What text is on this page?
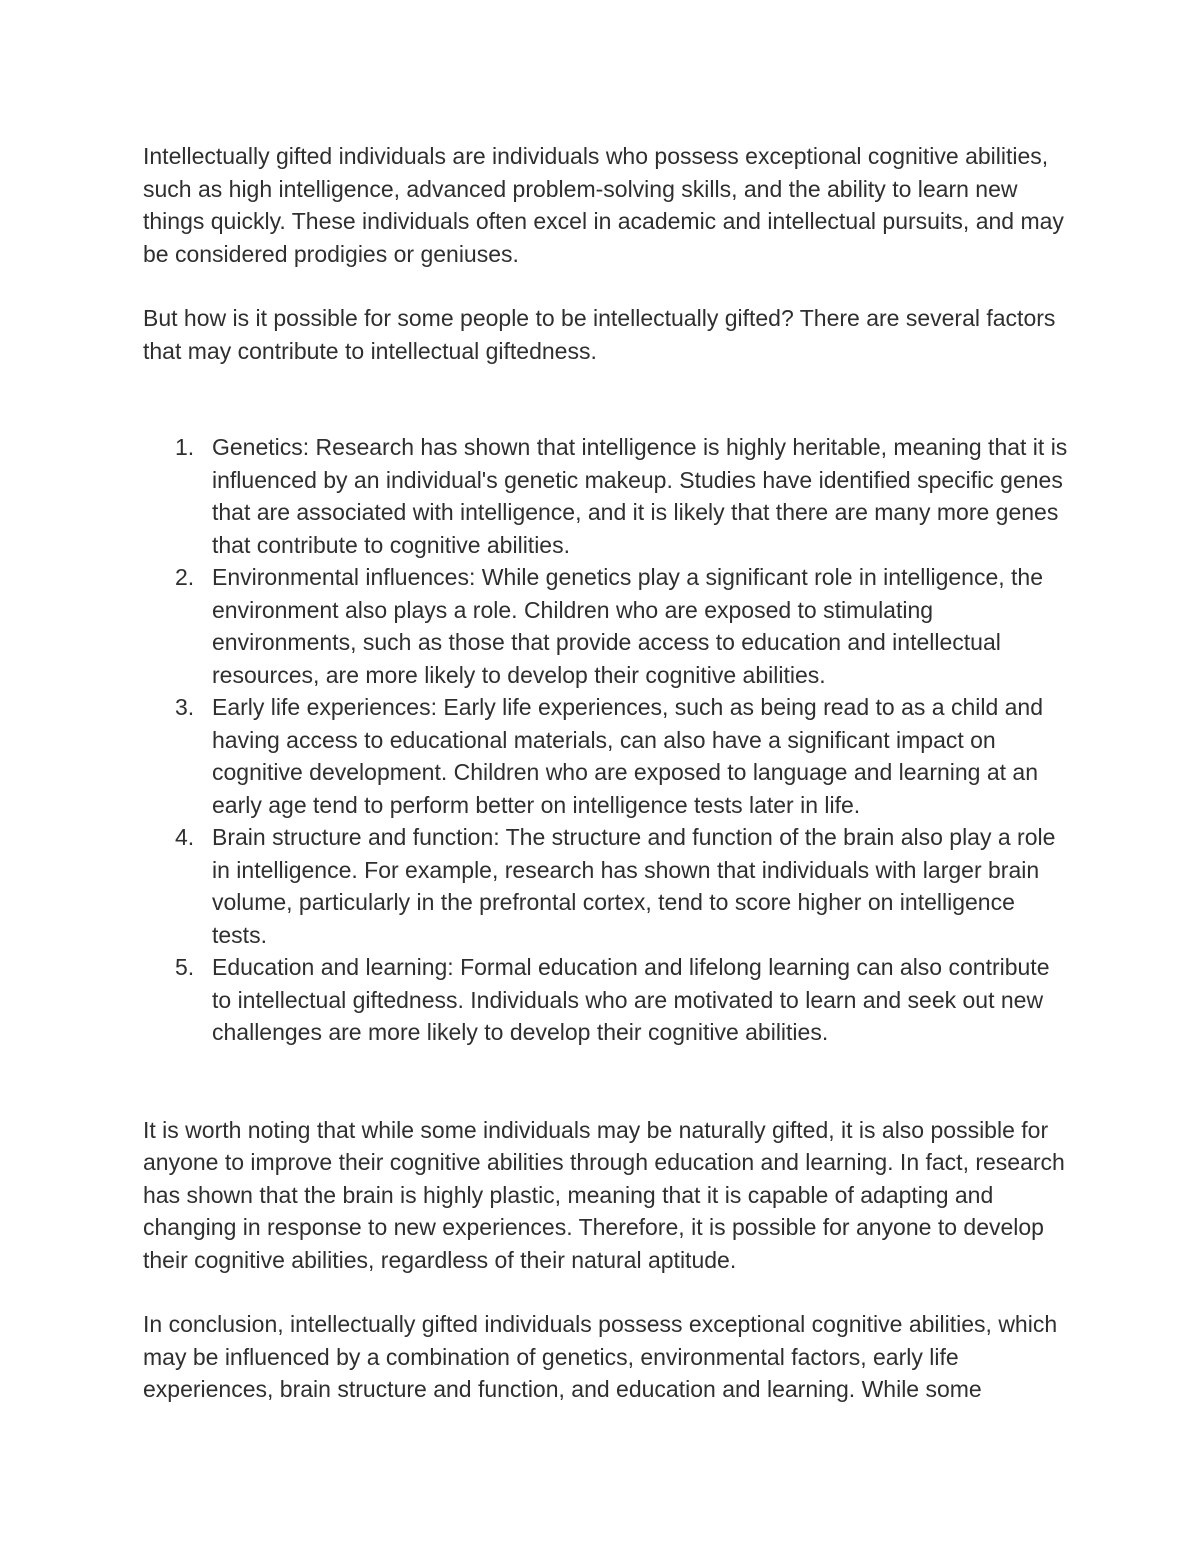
Intellectually gifted individuals are individuals who possess exceptional cognitive abilities, such as high intelligence, advanced problem-solving skills, and the ability to learn new things quickly. These individuals often excel in academic and intellectual pursuits, and may be considered prodigies or geniuses.

But how is it possible for some people to be intellectually gifted? There are several factors that may contribute to intellectual giftedness.

1. Genetics: Research has shown that intelligence is highly heritable, meaning that it is influenced by an individual's genetic makeup. Studies have identified specific genes that are associated with intelligence, and it is likely that there are many more genes that contribute to cognitive abilities.
2. Environmental influences: While genetics play a significant role in intelligence, the environment also plays a role. Children who are exposed to stimulating environments, such as those that provide access to education and intellectual resources, are more likely to develop their cognitive abilities.
3. Early life experiences: Early life experiences, such as being read to as a child and having access to educational materials, can also have a significant impact on cognitive development. Children who are exposed to language and learning at an early age tend to perform better on intelligence tests later in life.
4. Brain structure and function: The structure and function of the brain also play a role in intelligence. For example, research has shown that individuals with larger brain volume, particularly in the prefrontal cortex, tend to score higher on intelligence tests.
5. Education and learning: Formal education and lifelong learning can also contribute to intellectual giftedness. Individuals who are motivated to learn and seek out new challenges are more likely to develop their cognitive abilities.

It is worth noting that while some individuals may be naturally gifted, it is also possible for anyone to improve their cognitive abilities through education and learning. In fact, research has shown that the brain is highly plastic, meaning that it is capable of adapting and changing in response to new experiences. Therefore, it is possible for anyone to develop their cognitive abilities, regardless of their natural aptitude.

In conclusion, intellectually gifted individuals possess exceptional cognitive abilities, which may be influenced by a combination of genetics, environmental factors, early life experiences, brain structure and function, and education and learning. While some
